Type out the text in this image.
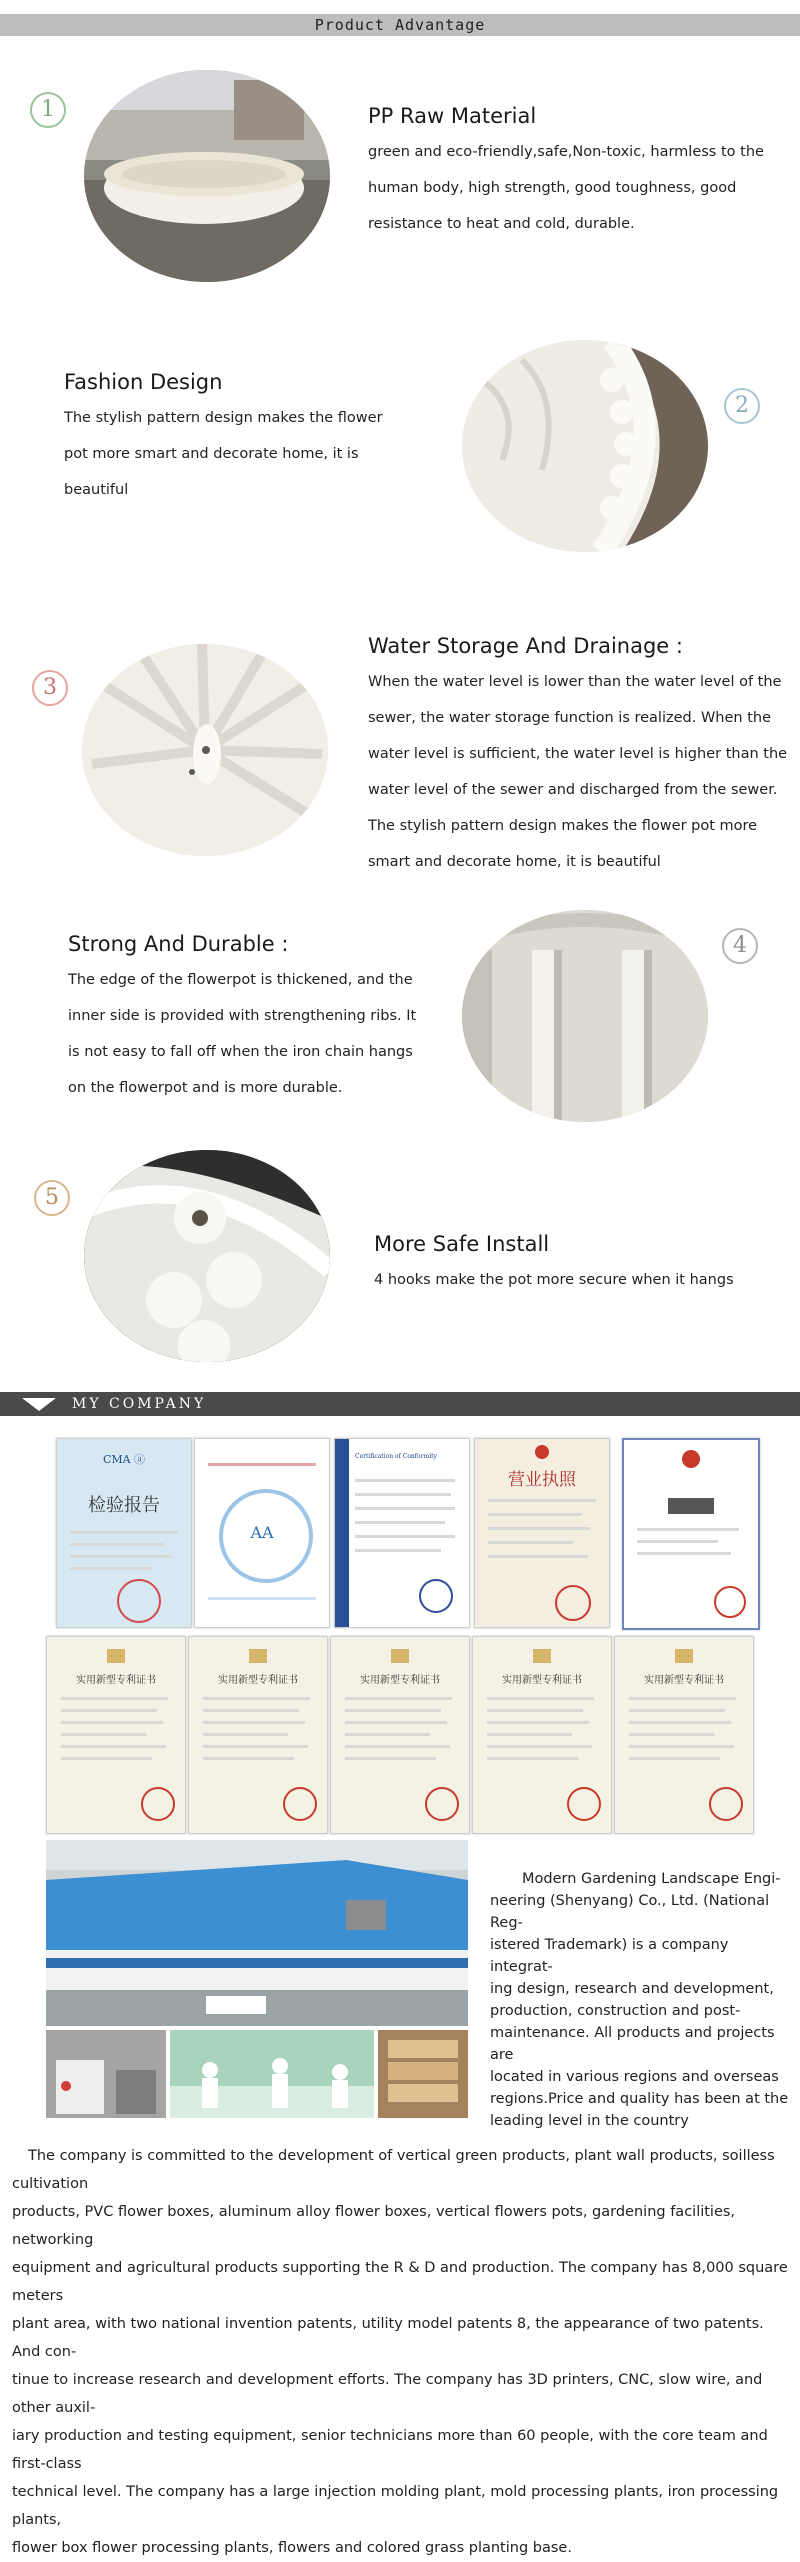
Product Advantage
1	PP Raw Material
green and eco-friendly,safe,Non-toxic, harmless to the
human body, high strength, good toughness, good
resistance to heat and cold, durable.
Fashion Design
The stylish pattern design makes the flower
pot more smart and decorate home, it is
beautiful
2
3
Water Storage And Drainage :
When the water level is lower than the water level of the
sewer, the water storage function is realized. When the
water level is sufficient, the water level is higher than the
water level of the sewer and discharged from the sewer.
The stylish pattern design makes the flower pot more
smart and decorate home, it is beautiful
Strong And Durable :
The edge of the flowerpot is thickened, and the
inner side is provided with strengthening ribs. It
is not easy to fall off when the iron chain hangs
on the flowerpot and is more durable.
4
5
More Safe Install
4 hooks make the pot more secure when it hangs
MY COMPANY
CMA ⓐ
检验报告
AA
Certification of Conformity
营业执照
实用新型专利证书	实用新型专利证书	实用新型专利证书	实用新型专利证书	实用新型专利证书
Modern Gardening Landscape Engi-
neering (Shenyang) Co., Ltd. (National Reg-
istered Trademark) is a company integrat-
ing design, research and development,
production, construction and post-
maintenance. All products and projects are
located in various regions and overseas
regions.Price and quality has been at the
leading level in the country
The company is committed to the development of vertical green products, plant wall products, soilless cultivation
products, PVC flower boxes, aluminum alloy flower boxes, vertical flowers pots, gardening facilities, networking
equipment and agricultural products supporting the R & D and production. The company has 8,000 square meters
plant area, with two national invention patents, utility model patents 8, the appearance of two patents. And con-
tinue to increase research and development efforts. The company has 3D printers, CNC, slow wire, and other auxil-
iary production and testing equipment, senior technicians more than 60 people, with the core team and first-class
technical level. The company has a large injection molding plant, mold processing plants, iron processing plants,
flower box flower processing plants, flowers and colored grass planting base.
